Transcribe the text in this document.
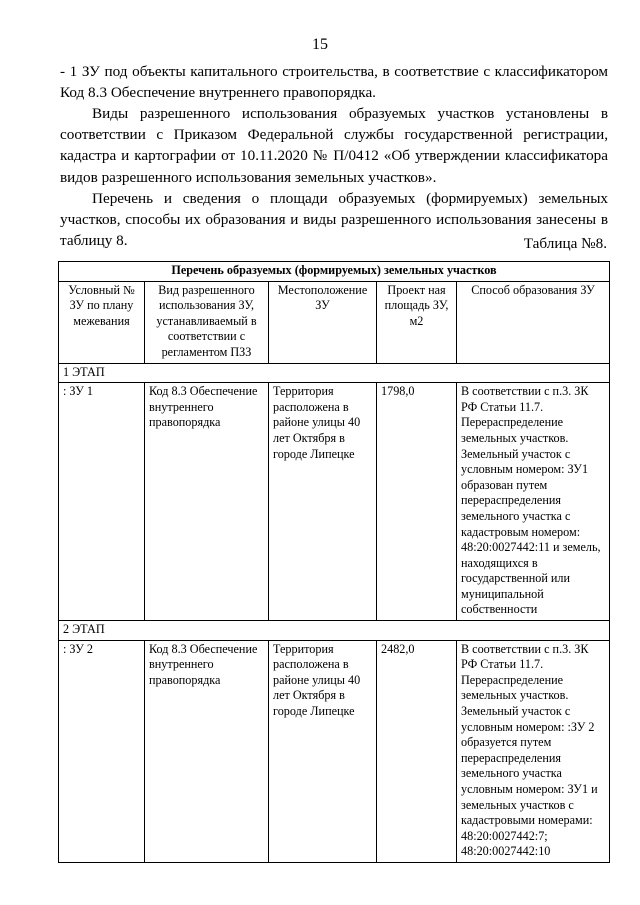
15

- 1 ЗУ под объекты капитального строительства, в соответствие с классификатором Код 8.3 Обеспечение внутреннего правопорядка.

Виды разрешенного использования образуемых участков установлены в соответствии с Приказом Федеральной службы государственной регистрации, кадастра и картографии от 10.11.2020 № П/0412 «Об утверждении классификатора видов разрешенного использования земельных участков».

Перечень и сведения о площади образуемых (формируемых) земельных участков, способы их образования и виды разрешенного использования занесены в таблицу 8.	Таблица №8.
Перечень образуемых (формируемых) земельных участков				
Условный № ЗУ по плану межевания	Вид разрешенного использования ЗУ, устанавливаемый в соответствии с регламентом ПЗЗ	Местоположение ЗУ	Проект ная площадь ЗУ, м2	Способ образования ЗУ
1 ЭТАП				
: ЗУ 1	Код 8.3 Обеспечение внутреннего правопорядка	Территория расположена в районе улицы 40 лет Октября в городе Липецке	1798,0	В соответствии с п.3. ЗК РФ Статьи 11.7. Перераспределение земельных участков. Земельный участок с условным номером: ЗУ1 образован путем перераспределения земельного участка с кадастровым номером: 48:20:0027442:11 и земель, находящихся в государственной или муниципальной собственности
2 ЭТАП				
: ЗУ 2	Код 8.3 Обеспечение внутреннего правопорядка	Территория расположена в районе улицы 40 лет Октября в городе Липецке	2482,0	В соответствии с п.3. ЗК РФ Статьи 11.7. Перераспределение земельных участков. Земельный участок с условным номером: :ЗУ 2 образуется путем перераспределения земельного участка условным номером: ЗУ1 и земельных участков с кадастровыми номерами: 48:20:0027442:7; 48:20:0027442:10
